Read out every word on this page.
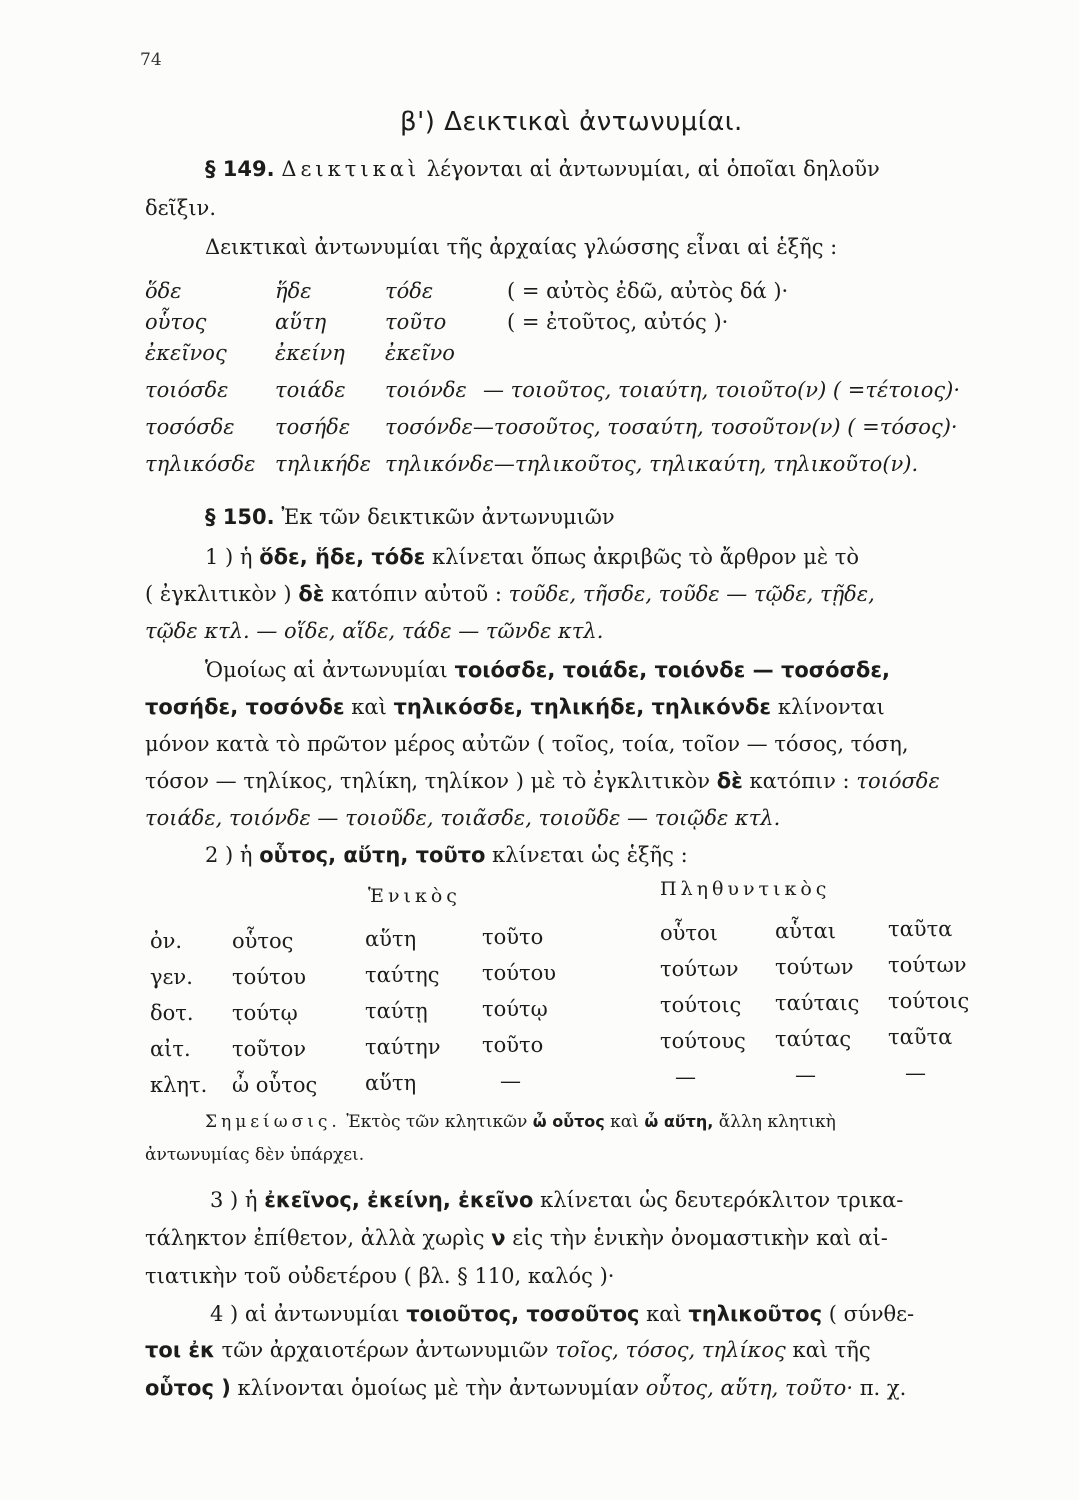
74
β') Δεικτικαὶ ἀντωνυμίαι.
§ 149. Δεικτικαὶ λέγονται αἱ ἀντωνυμίαι, αἱ ὁποῖαι δηλοῦν
δεῖξιν.
Δεικτικαὶ ἀντωνυμίαι τῆς ἀρχαίας γλώσσης εἶναι αἱ ἑξῆς :
ὅδε	ἥδε	τόδε	( = αὐτὸς ἐδῶ, αὐτὸς δά )·
οὗτος	αὕτη	τοῦτο	( = ἐτοῦτος, αὐτός )·
ἐκεῖνος ἐκείνη ἐκεῖνο
τοιόσδε τοιάδε τοιόνδε — τοιοῦτος, τοιαύτη, τοιοῦτο(ν) ( =τέτοιος)·
τοσόσδε τοσήδε τοσόνδε—τοσοῦτος, τοσαύτη, τοσοῦτον(ν) ( =τόσος)·
τηλικόσδε τηλικήδε τηλικόνδε—τηλικοῦτος, τηλικαύτη, τηλικοῦτο(ν).
§ 150. Ἐκ τῶν δεικτικῶν ἀντωνυμιῶν
1 ) ἡ ὅδε, ἥδε, τόδε κλίνεται ὅπως ἀκριβῶς τὸ ἄρθρον μὲ τὸ
( ἐγκλιτικὸν ) δὲ κατόπιν αὐτοῦ : τοῦδε, τῆσδε, τοῦδε — τῷδε, τῇδε,
τῷδε κτλ. — οἵδε, αἵδε, τάδε — τῶνδε κτλ.
Ὁμοίως αἱ ἀντωνυμίαι τοιόσδε, τοιάδε, τοιόνδε — τοσόσδε,
τοσήδε, τοσόνδε καὶ τηλικόσδε, τηλικήδε, τηλικόνδε κλίνονται
μόνον κατὰ τὸ πρῶτον μέρος αὐτῶν ( τοῖος, τοία, τοῖον — τόσος, τόση,
τόσον — τηλίκος, τηλίκη, τηλίκον ) μὲ τὸ ἐγκλιτικὸν δὲ κατόπιν : τοιόσδε
τοιάδε, τοιόνδε — τοιοῦδε, τοιᾶσδε, τοιοῦδε — τοιῷδε κτλ.
2 ) ἡ οὗτος, αὕτη, τοῦτο κλίνεται ὡς ἑξῆς :
Ἑνικὸς	Πληθυντικὸς
ὀν. οὗτος	αὕτη	τοῦτο	οὗτοι	αὗται ταῦτα
γεν. τούτου	ταύτης τούτου	τούτων τούτων τούτων
δοτ. τούτῳ	ταύτῃ	τούτῳ	τούτοις ταύταις τούτοις
αἰτ. τοῦτον	ταύτην τοῦτο	τούτους ταύτας ταῦτα
κλητ. ὦ οὗτος αὕτη	—	—	—	—
Σημείωσις. Ἐκτὸς τῶν κλητικῶν ὦ οὗτος καὶ ὦ αὕτη, ἄλλη κλητικὴ
ἀντωνυμίας δὲν ὑπάρχει.
3 ) ἡ ἐκεῖνος, ἐκείνη, ἐκεῖνο κλίνεται ὡς δευτερόκλιτον τρικα-
τάληκτον ἐπίθετον, ἀλλὰ χωρὶς ν εἰς τὴν ἑνικὴν ὀνομαστικὴν καὶ αἰ-
τιατικὴν τοῦ οὐδετέρου ( βλ. § 110, καλός )·
4 ) αἱ ἀντωνυμίαι τοιοῦτος, τοσοῦτος καὶ τηλικοῦτος ( σύνθε-
τοι ἐκ τῶν ἀρχαιοτέρων ἀντωνυμιῶν τοῖος, τόσος, τηλίκος καὶ τῆς
οὗτος ) κλίνονται ὁμοίως μὲ τὴν ἀντωνυμίαν οὗτος, αὕτη, τοῦτο· π. χ.
